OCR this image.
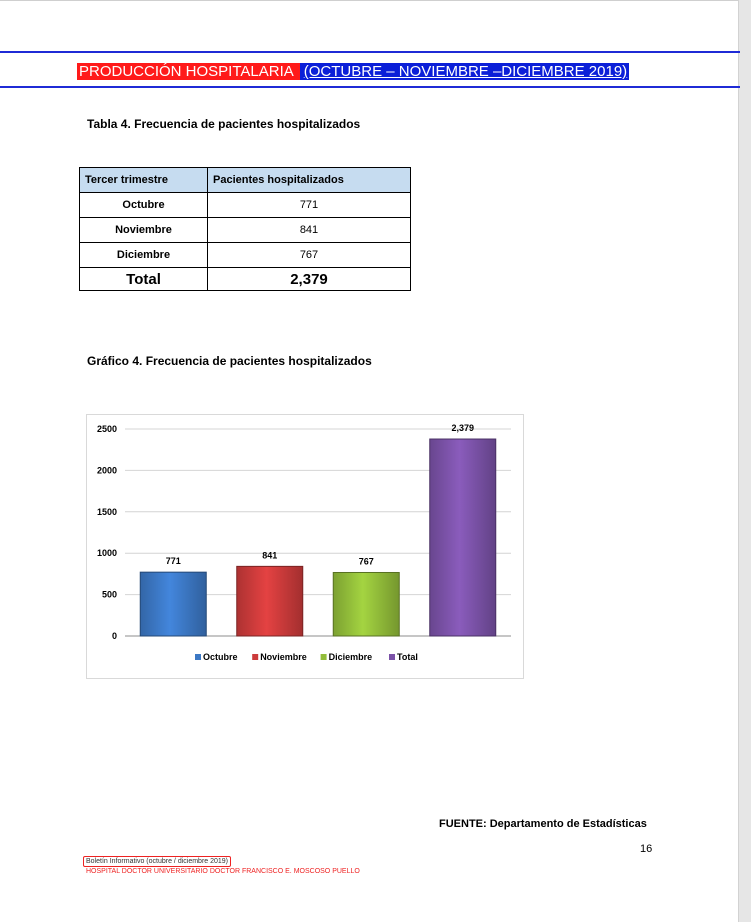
PRODUCCIÓN HOSPITALARIA (OCTUBRE – NOVIEMBRE –DICIEMBRE 2019)
Tabla 4. Frecuencia de pacientes hospitalizados
Tercer trimestre	Pacientes hospitalizados
Octubre	771
Noviembre	841
Diciembre	767
Total	2,379
Gráfico 4. Frecuencia de pacientes hospitalizados
0
500
1000
1500
2000
2500
771
841
767
2,379
Octubre	Noviembre Diciembre	Total
FUENTE: Departamento de Estadísticas
16
Boletín Informativo (octubre / diciembre 2019)
HOSPITAL DOCTOR UNIVERSITARIO DOCTOR FRANCISCO E. MOSCOSO PUELLO
